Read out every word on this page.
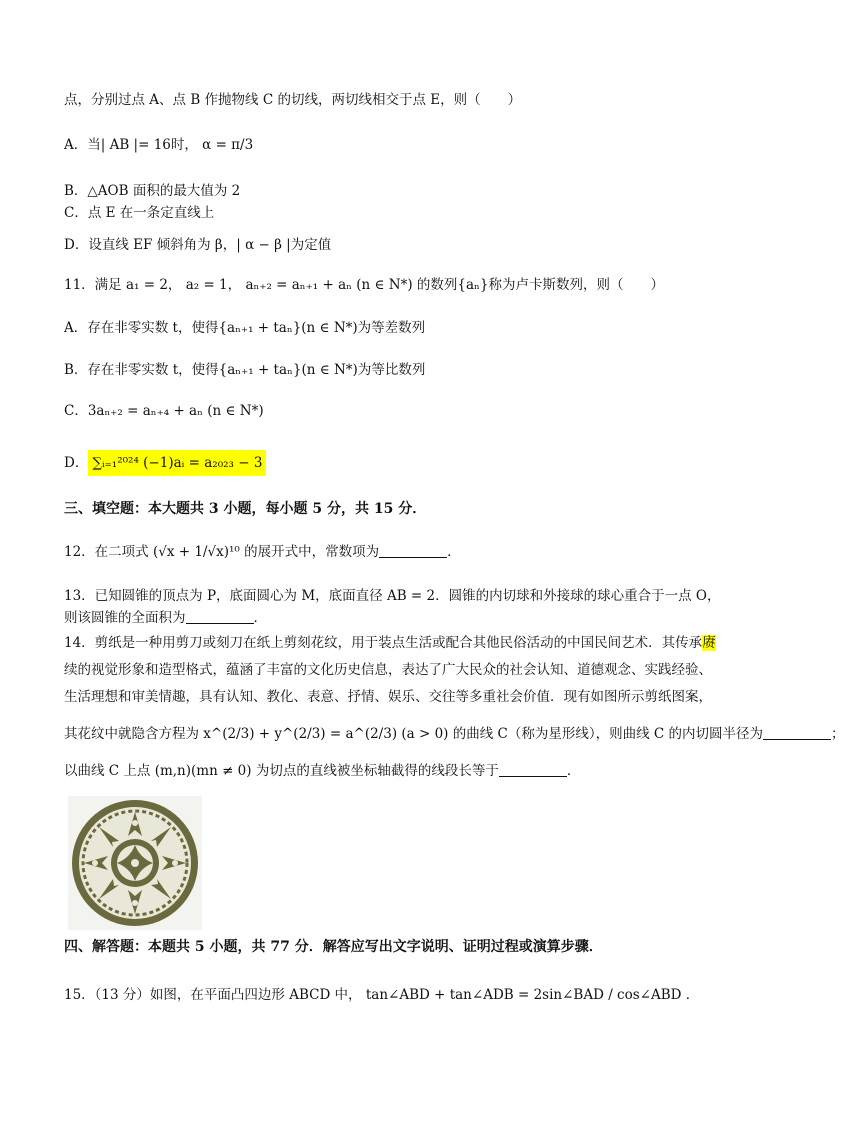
点，分别过点 A、点 B 作抛物线 C 的切线，两切线相交于点 E，则（　　）
A．当| AB |= 16时， α = π/3
B．△AOB 面积的最大值为 2
C．点 E 在一条定直线上
D．设直线 EF 倾斜角为 β，| α − β |为定值
11．满足 a₁ = 2， a₂ = 1， aₙ₊₂ = aₙ₊₁ + aₙ (n ∈ N*) 的数列{aₙ}称为卢卡斯数列，则（　　）
A．存在非零实数 t，使得{aₙ₊₁ + taₙ}(n ∈ N*)为等差数列
B．存在非零实数 t，使得{aₙ₊₁ + taₙ}(n ∈ N*)为等比数列
C．3aₙ₊₂ = aₙ₊₄ + aₙ (n ∈ N*)
D． ∑ᵢ₌₁²⁰²⁴ (−1)aᵢ = a₂₀₂₃ − 3
三、填空题：本大题共 3 小题，每小题 5 分，共 15 分．
12．在二项式 (√x + 1/√x)¹⁰ 的展开式中，常数项为	．
13．已知圆锥的顶点为 P，底面圆心为 M，底面直径 AB = 2．圆锥的内切球和外接球的球心重合于一点 O，
则该圆锥的全面积为	．
14．剪纸是一种用剪刀或刻刀在纸上剪刻花纹，用于装点生活或配合其他民俗活动的中国民间艺术．其传承赓
续的视觉形象和造型格式，蕴涵了丰富的文化历史信息，表达了广大民众的社会认知、道德观念、实践经验、
生活理想和审美情趣，具有认知、教化、表意、抒情、娱乐、交往等多重社会价值．现有如图所示剪纸图案，
其花纹中就隐含方程为 x^(2/3) + y^(2/3) = a^(2/3) (a > 0) 的曲线 C（称为星形线），则曲线 C 的内切圆半径为	；
以曲线 C 上点 (m,n)(mn ≠ 0) 为切点的直线被坐标轴截得的线段长等于	．
四、解答题：本题共 5 小题，共 77 分．解答应写出文字说明、证明过程或演算步骤．
15．（13 分）如图，在平面凸四边形 ABCD 中， tan∠ABD + tan∠ADB = 2sin∠BAD / cos∠ABD ．
